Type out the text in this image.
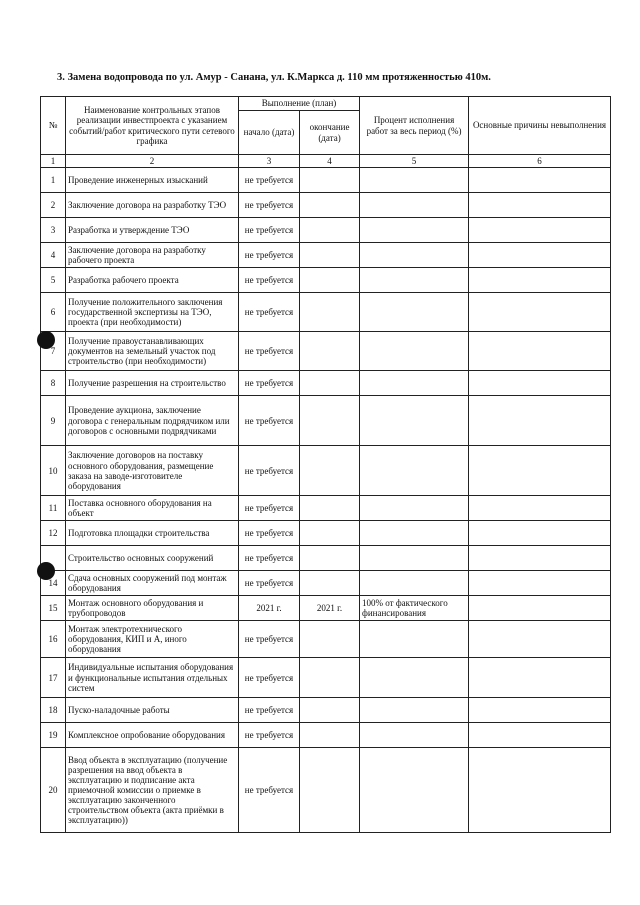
3. Замена водопровода по ул. Амур - Санана, ул. К.Маркса д. 110 мм протяженностью 410м.
№	Наименование контрольных этапов реализации инвестпроекта с указанием событий/работ критического пути сетевого графика	Выполнение (план)		Процент исполнения работ за весь период (%)	Основные причины невыполнения
		начало (дата)	окончание (дата)		
1	2	3	4	5	6
1	Проведение инженерных изысканий	не требуется			
2	Заключение договора на разработку ТЭО	не требуется			
3	Разработка и утверждение ТЭО	не требуется			
4	Заключение договора на разработку рабочего проекта	не требуется			
5	Разработка рабочего проекта	не требуется			
6	Получение положительного заключения государственной экспертизы на ТЭО, проекта (при необходимости)	не требуется			
7	Получение правоустанавливающих документов на земельный участок под строительство (при необходимости)	не требуется			
8	Получение разрешения на строительство	не требуется			
9	Проведение аукциона, заключение договора с генеральным подрядчиком или договоров с основными подрядчиками	не требуется			
10	Заключение договоров на поставку основного оборудования, размещение заказа на заводе-изготовителе оборудования	не требуется			
11	Поставка основного оборудования на объект	не требуется			
12	Подготовка площадки строительства	не требуется			
	Строительство основных сооружений	не требуется			
14	Сдача основных сооружений под монтаж оборудования	не требуется			
15	Монтаж основного оборудования и трубопроводов	2021 г.	2021 г.	100% от фактического финансирования	
16	Монтаж электротехнического оборудования, КИП и А, иного оборудования	не требуется			
17	Индивидуальные испытания оборудования и функциональные испытания отдельных систем	не требуется			
18	Пуско-наладочные работы	не требуется			
19	Комплексное опробование оборудования	не требуется			
20	Ввод объекта в эксплуатацию (получение разрешения на ввод объекта в эксплуатацию и подписание акта приемочной комиссии о приемке в эксплуатацию законченного строительством объекта (акта приёмки в эксплуатацию))	не требуется			
